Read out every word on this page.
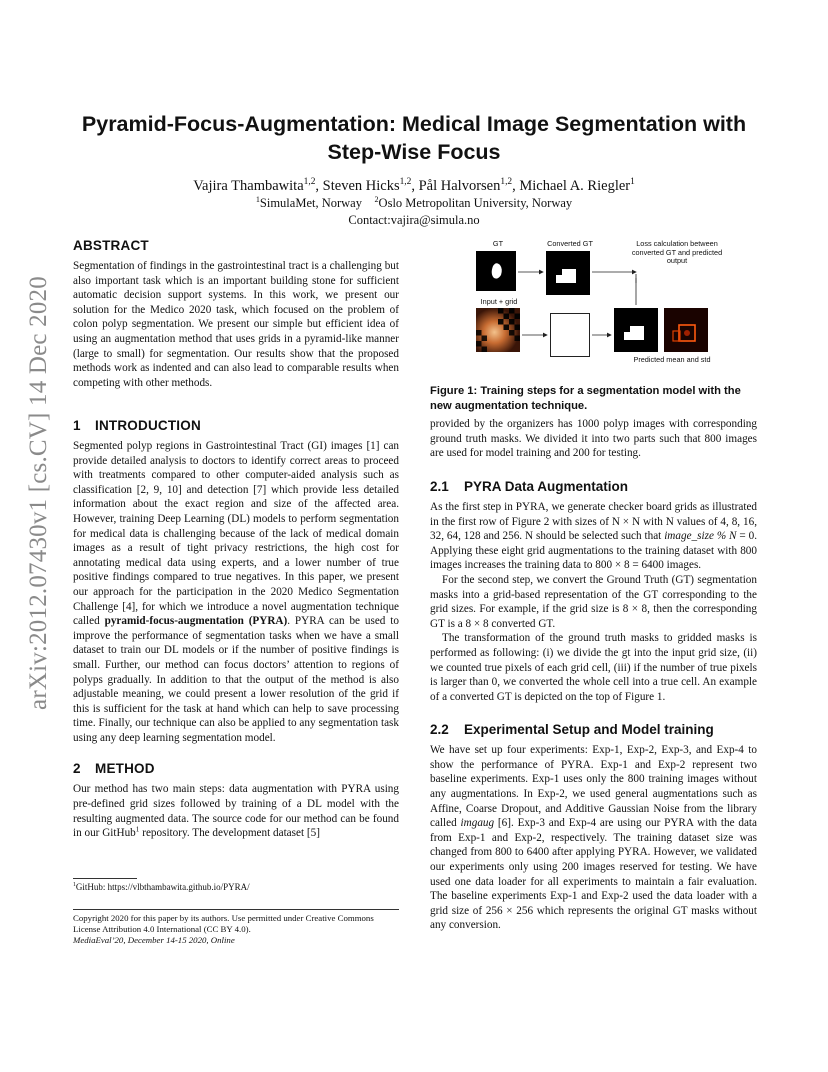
arXiv:2012.07430v1 [cs.CV] 14 Dec 2020
Pyramid-Focus-Augmentation: Medical Image Segmentation with Step-Wise Focus
Vajira Thambawita$^{1,2}$, Steven Hicks$^{1,2}$, Pål Halvorsen$^{1,2}$, Michael A. Riegler$^1$
$^1$SimulaMet, Norway $^2$Oslo Metropolitan University, Norway
Contact:vajira@simula.no
ABSTRACT

Segmentation of findings in the gastrointestinal tract is a challenging but also important task which is an important building stone for sufficient automatic decision support systems. In this work, we present our solution for the Medico 2020 task, which focused on the problem of colon polyp segmentation. We present our simple but efficient idea of using an augmentation method that uses grids in a pyramid-like manner (large to small) for segmentation. Our results show that the proposed methods work as indented and can also lead to comparable results when competing with other methods.

1 INTRODUCTION

Segmented polyp regions in Gastrointestinal Tract (GI) images [1] can provide detailed analysis to doctors to identify correct areas to proceed with treatments compared to other computer-aided analysis such as classification [2, 9, 10] and detection [7] which provide less detailed information about the exact region and size of the affected area. However, training Deep Learning (DL) models to perform segmentation for medical data is challenging because of the lack of medical domain images as a result of tight privacy restrictions, the high cost for annotating medical data using experts, and a lower number of true positive findings compared to true negatives. In this paper, we present our approach for the participation in the 2020 Medico Segmentation Challenge [4], for which we introduce a novel augmentation technique called pyramid-focus-augmentation (PYRA). PYRA can be used to improve the performance of segmentation tasks when we have a small dataset to train our DL models or if the number of positive findings is small. Further, our method can focus doctors’ attention to regions of polyps gradually. In addition to that the output of the method is also adjustable meaning, we could present a lower resolution of the grid if this is sufficient for the task at hand which can help to save processing time. Finally, our technique can also be applied to any segmentation task using any deep learning segmentation model.

2 METHOD

Our method has two main steps: data augmentation with PYRA using pre-defined grid sizes followed by training of a DL model with the resulting augmented data. The source code for our method can be found in our GitHub$^1$ repository. The development dataset [5]

$^1$GitHub: https://vlbthambawita.github.io/PYRA/
Copyright 2020 for this paper by its authors. Use permitted under Creative Commons License Attribution 4.0 International (CC BY 4.0).
MediaEval’20, December 14-15 2020, Online
GT	Converted GT	Loss calculation between converted GT and predicted output
Input + grid
Predicted mean and std

Figure 1: Training steps for a segmentation model with the new augmentation technique.

provided by the organizers has 1000 polyp images with corresponding ground truth masks. We divided it into two parts such that 800 images are used for model training and 200 for testing.

2.1 PYRA Data Augmentation

As the first step in PYRA, we generate checker board grids as illustrated in the first row of Figure 2 with sizes of N × N with N values of 4, 8, 16, 32, 64, 128 and 256. N should be selected such that image_size % N = 0. Applying these eight grid augmentations to the training dataset with 800 images increases the training data to 800 × 8 = 6400 images.

For the second step, we convert the Ground Truth (GT) segmentation masks into a grid-based representation of the GT corresponding to the grid sizes. For example, if the grid size is 8 × 8, then the corresponding GT is a 8 × 8 converted GT.

The transformation of the ground truth masks to gridded masks is performed as following: (i) we divide the gt into the input grid size, (ii) we counted true pixels of each grid cell, (iii) if the number of true pixels is larger than 0, we converted the whole cell into a true cell. An example of a converted GT is depicted on the top of Figure 1.

2.2 Experimental Setup and Model training

We have set up four experiments: Exp-1, Exp-2, Exp-3, and Exp-4 to show the performance of PYRA. Exp-1 and Exp-2 represent two baseline experiments. Exp-1 uses only the 800 training images without any augmentations. In Exp-2, we used general augmentations such as Affine, Coarse Dropout, and Additive Gaussian Noise from the library called imgaug [6]. Exp-3 and Exp-4 are using our PYRA with the data from Exp-1 and Exp-2, respectively. The training dataset size was changed from 800 to 6400 after applying PYRA. However, we validated our experiments only using 200 images reserved for testing. We have used one data loader for all experiments to maintain a fair evaluation. The baseline experiments Exp-1 and Exp-2 used the data loader with a grid size of 256 × 256 which represents the original GT masks without any conversion.
